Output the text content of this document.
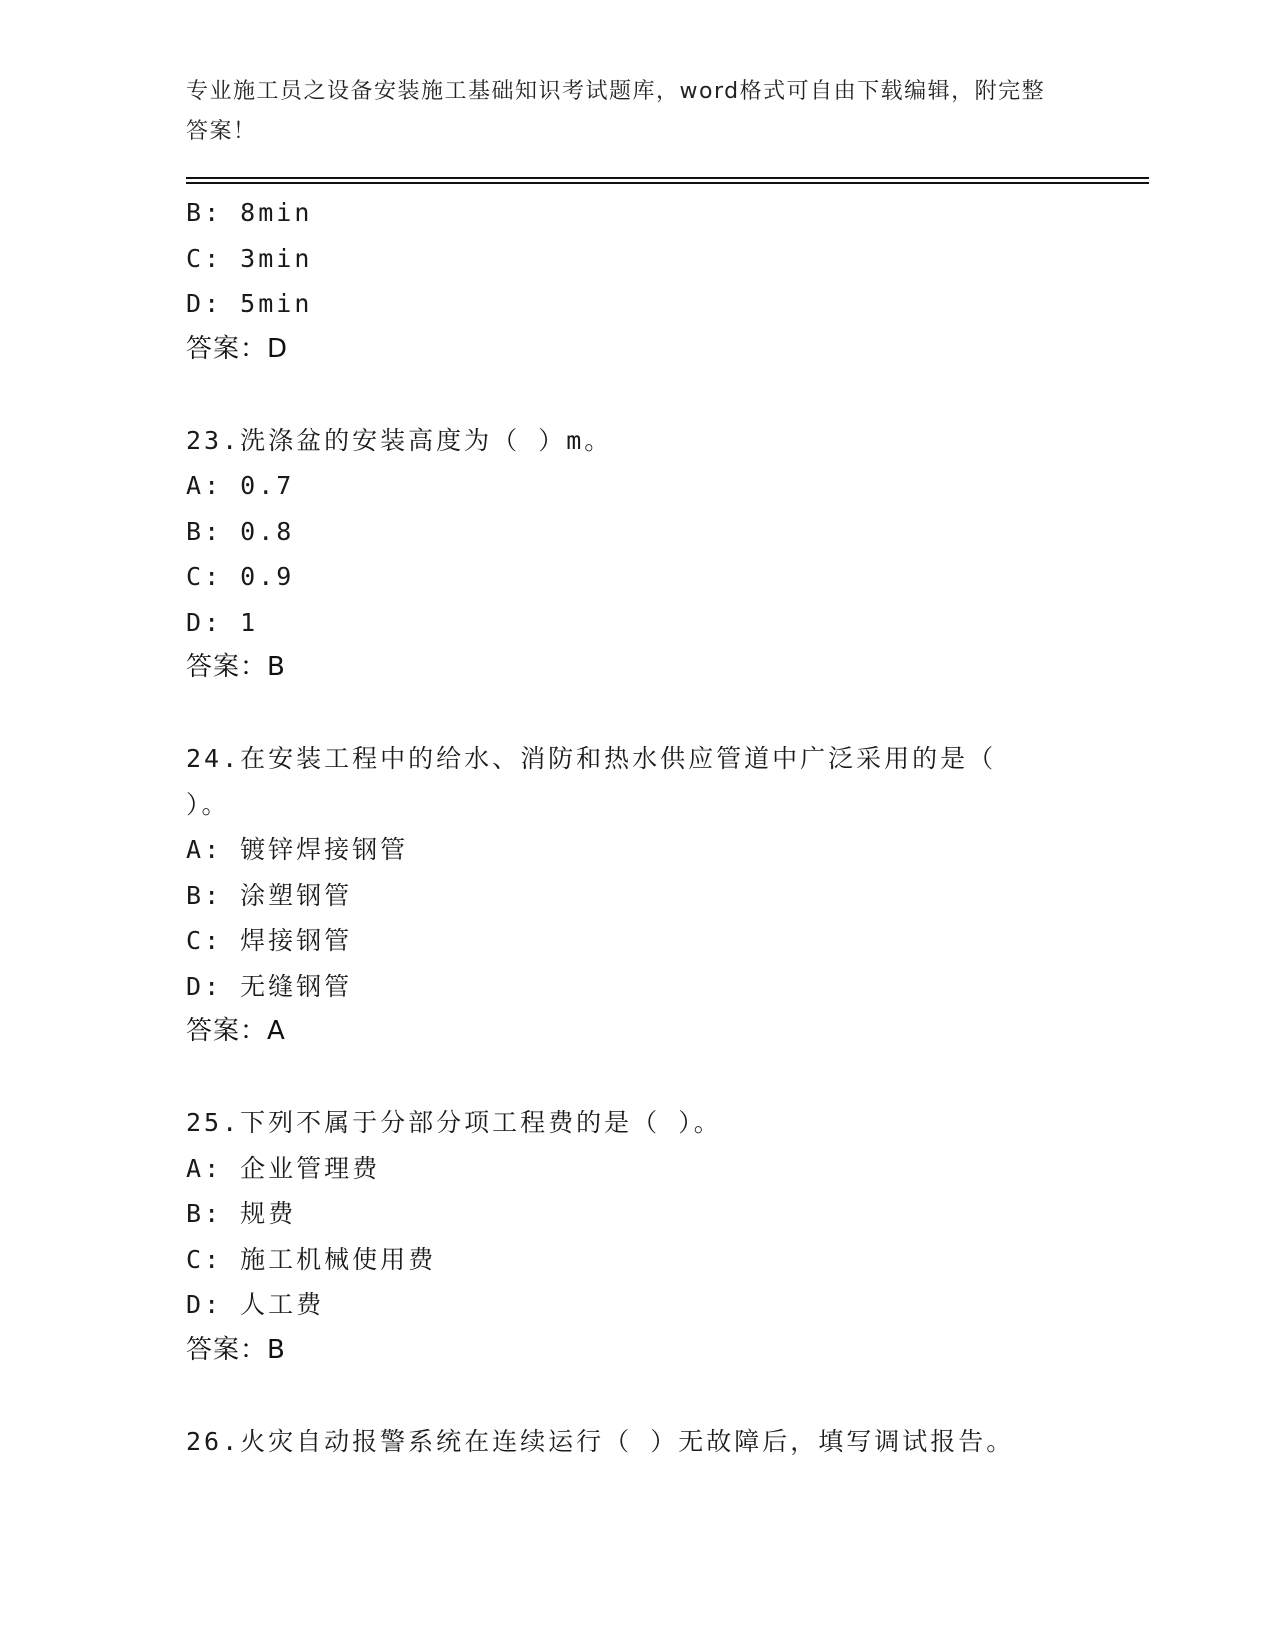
专业施工员之设备安装施工基础知识考试题库，word格式可自由下载编辑，附完整答案！
B: 8min
C: 3min
D: 5min
答案：D
23.洗涤盆的安装高度为（ ）m。
A: 0.7
B: 0.8
C: 0.9
D: 1
答案：B
24.在安装工程中的给水、消防和热水供应管道中广泛采用的是（ ）。
A: 镀锌焊接钢管
B: 涂塑钢管
C: 焊接钢管
D: 无缝钢管
答案：A
25.下列不属于分部分项工程费的是（ ）。
A: 企业管理费
B: 规费
C: 施工机械使用费
D: 人工费
答案：B
26.火灾自动报警系统在连续运行（ ）无故障后，填写调试报告。
